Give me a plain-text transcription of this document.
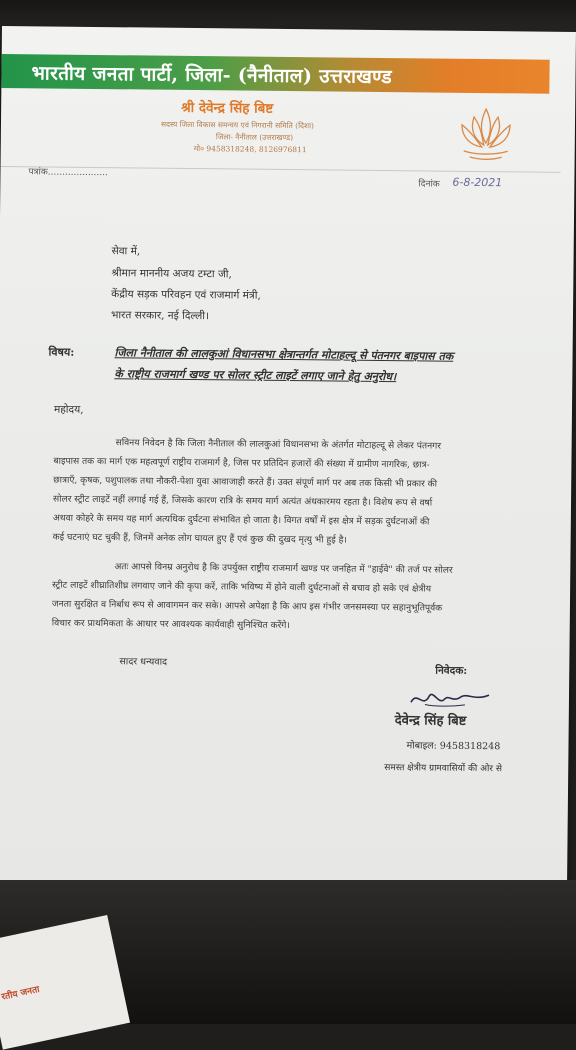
भारतीय जनता पार्टी, जिला- (नैनीताल) उत्तराखण्ड
श्री देवेन्द्र सिंह बिष्ट
सदस्य जिला विकास समन्वय एवं निगरानी समिति (दिशा)
जिला- नैनीताल (उत्तराखण्ड)
मो० 9458318248, 8126976811
पत्रांक.....................
दिनांक 6-8-2021
सेवा में,
श्रीमान माननीय अजय टम्टा जी,
केंद्रीय सड़क परिवहन एवं राजमार्ग मंत्री,
भारत सरकार, नई दिल्ली।
विषय:	जिला नैनीताल की लालकुआं विधानसभा क्षेत्रान्तर्गत मोटाहल्दू से पंतनगर बाइपास तक
के राष्ट्रीय राजमार्ग खण्ड पर सोलर स्ट्रीट लाइटें लगाए जाने हेतु अनुरोध।
महोदय,
सविनय निवेदन है कि जिला नैनीताल की लालकुआं विधानसभा के अंतर्गत मोटाहल्दू से लेकर पंतनगर
बाइपास तक का मार्ग एक महत्वपूर्ण राष्ट्रीय राजमार्ग है, जिस पर प्रतिदिन हजारों की संख्या में ग्रामीण नागरिक, छात्र-
छात्राएँ, कृषक, पशुपालक तथा नौकरी-पेशा युवा आवाजाही करते हैं। उक्त संपूर्ण मार्ग पर अब तक किसी भी प्रकार की
सोलर स्ट्रीट लाइटें नहीं लगाई गई हैं, जिसके कारण रात्रि के समय मार्ग अत्यंत अंधकारमय रहता है। विशेष रूप से वर्षा
अथवा कोहरे के समय यह मार्ग अत्यधिक दुर्घटना संभावित हो जाता है। विगत वर्षों में इस क्षेत्र में सड़क दुर्घटनाओं की
कई घटनाएं घट चुकी हैं, जिनमें अनेक लोग घायल हुए हैं एवं कुछ की दुखद मृत्यु भी हुई है।
अतः आपसे विनम्र अनुरोध है कि उपर्युक्त राष्ट्रीय राजमार्ग खण्ड पर जनहित में "हाईवे" की तर्ज पर सोलर
स्ट्रीट लाइटें शीघ्रातिशीघ्र लगवाए जाने की कृपा करें, ताकि भविष्य में होने वाली दुर्घटनाओं से बचाव हो सके एवं क्षेत्रीय
जनता सुरक्षित व निर्बाध रूप से आवागमन कर सके। आपसे अपेक्षा है कि आप इस गंभीर जनसमस्या पर सहानुभूतिपूर्वक
विचार कर प्राथमिकता के आधार पर आवश्यक कार्यवाही सुनिश्चित करेंगे।
सादर धन्यवाद
निवेदक:
देवेन्द्र सिंह बिष्ट
मोबाइल: 9458318248
समस्त क्षेत्रीय ग्रामवासियों की ओर से
रतीय जनता
